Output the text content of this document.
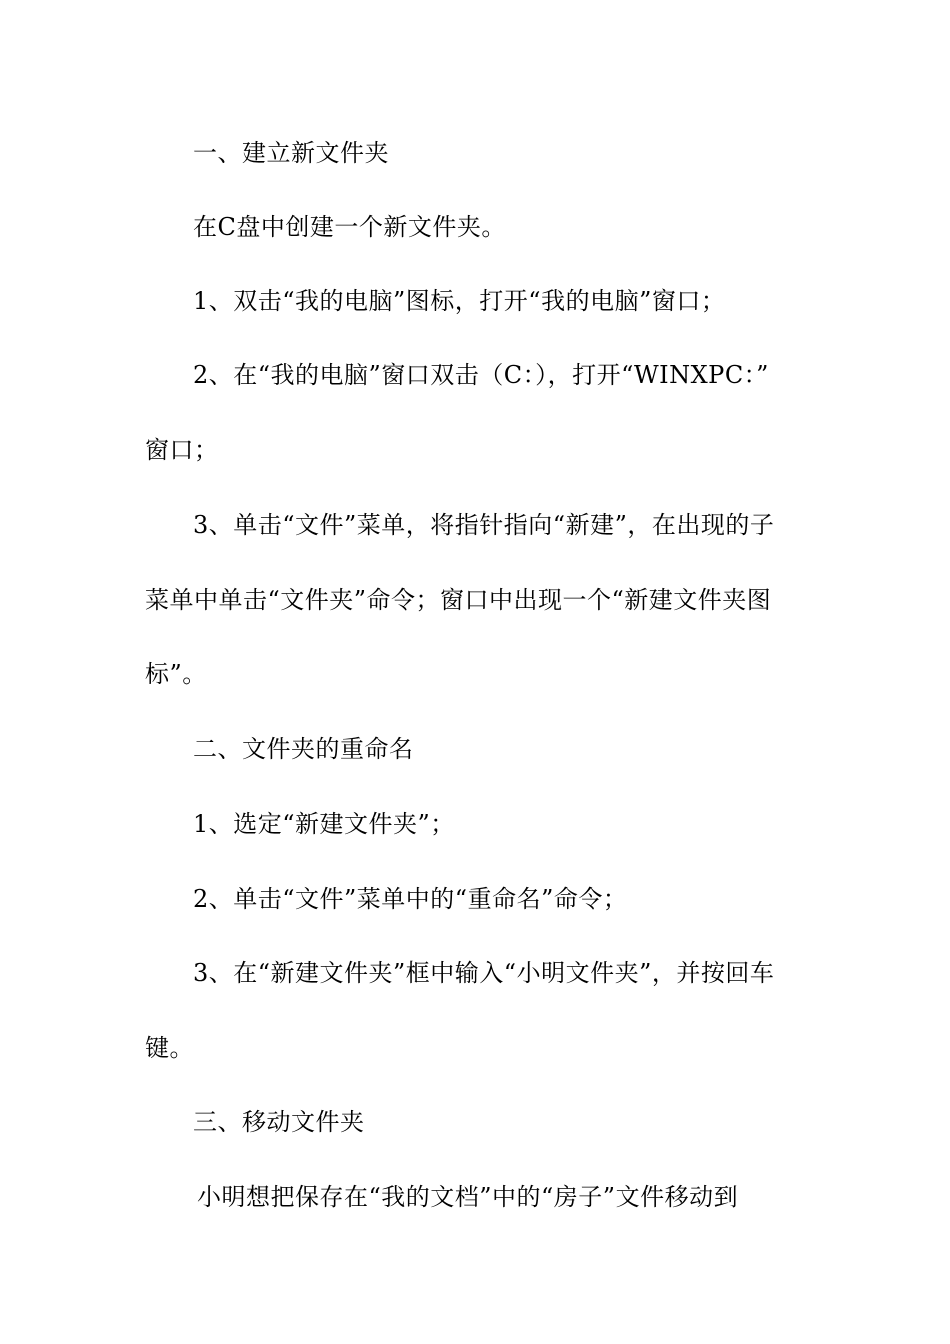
一、建立新文件夹
在C盘中创建一个新文件夹。
1、双击“我的电脑”图标，打开“我的电脑”窗口；
2、在“我的电脑”窗口双击（C：），打开“WINXPC：”
窗口；
3、单击“文件”菜单，将指针指向“新建”，在出现的子
菜单中单击“文件夹”命令；窗口中出现一个“新建文件夹图
标”。
二、文件夹的重命名
1、选定“新建文件夹”；
2、单击“文件”菜单中的“重命名”命令；
3、在“新建文件夹”框中输入“小明文件夹”，并按回车
键。
三、移动文件夹
小明想把保存在“我的文档”中的“房子”文件移动到
